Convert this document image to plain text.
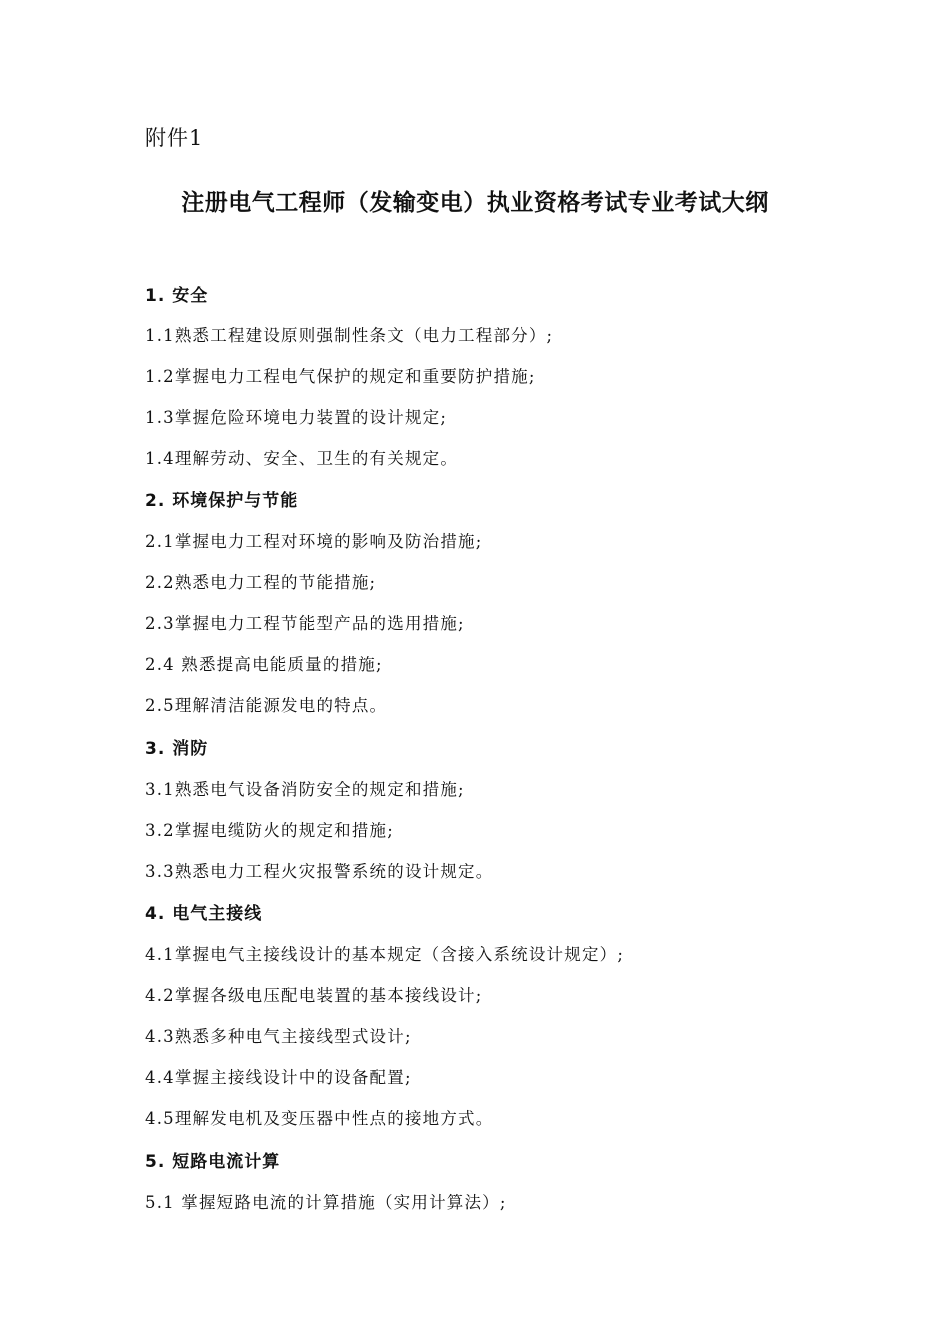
附件1
注册电气工程师（发输变电）执业资格考试专业考试大纲
1. 安全
1.1熟悉工程建设原则强制性条文（电力工程部分）;
1.2掌握电力工程电气保护的规定和重要防护措施;
1.3掌握危险环境电力装置的设计规定;
1.4理解劳动、安全、卫生的有关规定。
2. 环境保护与节能
2.1掌握电力工程对环境的影响及防治措施;
2.2熟悉电力工程的节能措施;
2.3掌握电力工程节能型产品的选用措施;
2.4 熟悉提高电能质量的措施;
2.5理解清洁能源发电的特点。
3. 消防
3.1熟悉电气设备消防安全的规定和措施;
3.2掌握电缆防火的规定和措施;
3.3熟悉电力工程火灾报警系统的设计规定。
4. 电气主接线
4.1掌握电气主接线设计的基本规定（含接入系统设计规定）;
4.2掌握各级电压配电装置的基本接线设计;
4.3熟悉多种电气主接线型式设计;
4.4掌握主接线设计中的设备配置;
4.5理解发电机及变压器中性点的接地方式。
5. 短路电流计算
5.1 掌握短路电流的计算措施（实用计算法）;
